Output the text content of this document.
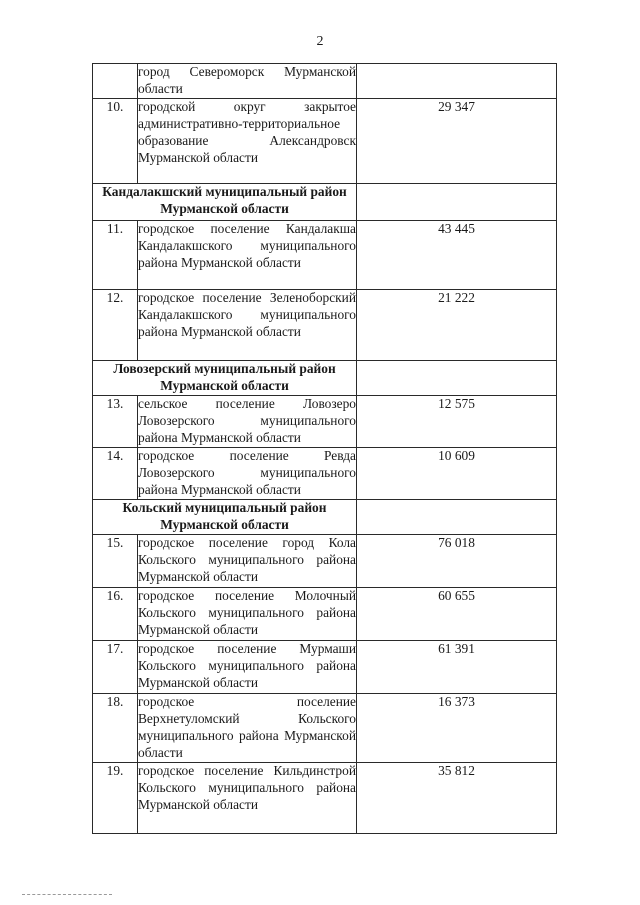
2
	город Североморск Мурманской области	
10.	городской округ закрытое административно-территориальное образование Александровск Мурманской области	29 347
Кандалакшский муниципальный район Мурманской области		
11.	городское поселение Кандалакша Кандалакшского муниципального района Мурманской области	43 445
12.	городское поселение Зеленоборский Кандалакшского муниципального района Мурманской области	21 222
Ловозерский муниципальный район Мурманской области		
13.	сельское поселение Ловозеро Ловозерского муниципального района Мурманской области	12 575
14.	городское поселение Ревда Ловозерского муниципального района Мурманской области	10 609
Кольский муниципальный район Мурманской области		
15.	городское поселение город Кола Кольского муниципального района Мурманской области	76 018
16.	городское поселение Молочный Кольского муниципального района Мурманской области	60 655
17.	городское поселение Мурмаши Кольского муниципального района Мурманской области	61 391
18.	городское поселение Верхнетуломский Кольского муниципального района Мурманской области	16 373
19.	городское поселение Кильдинстрой Кольского муниципального района Мурманской области	35 812
